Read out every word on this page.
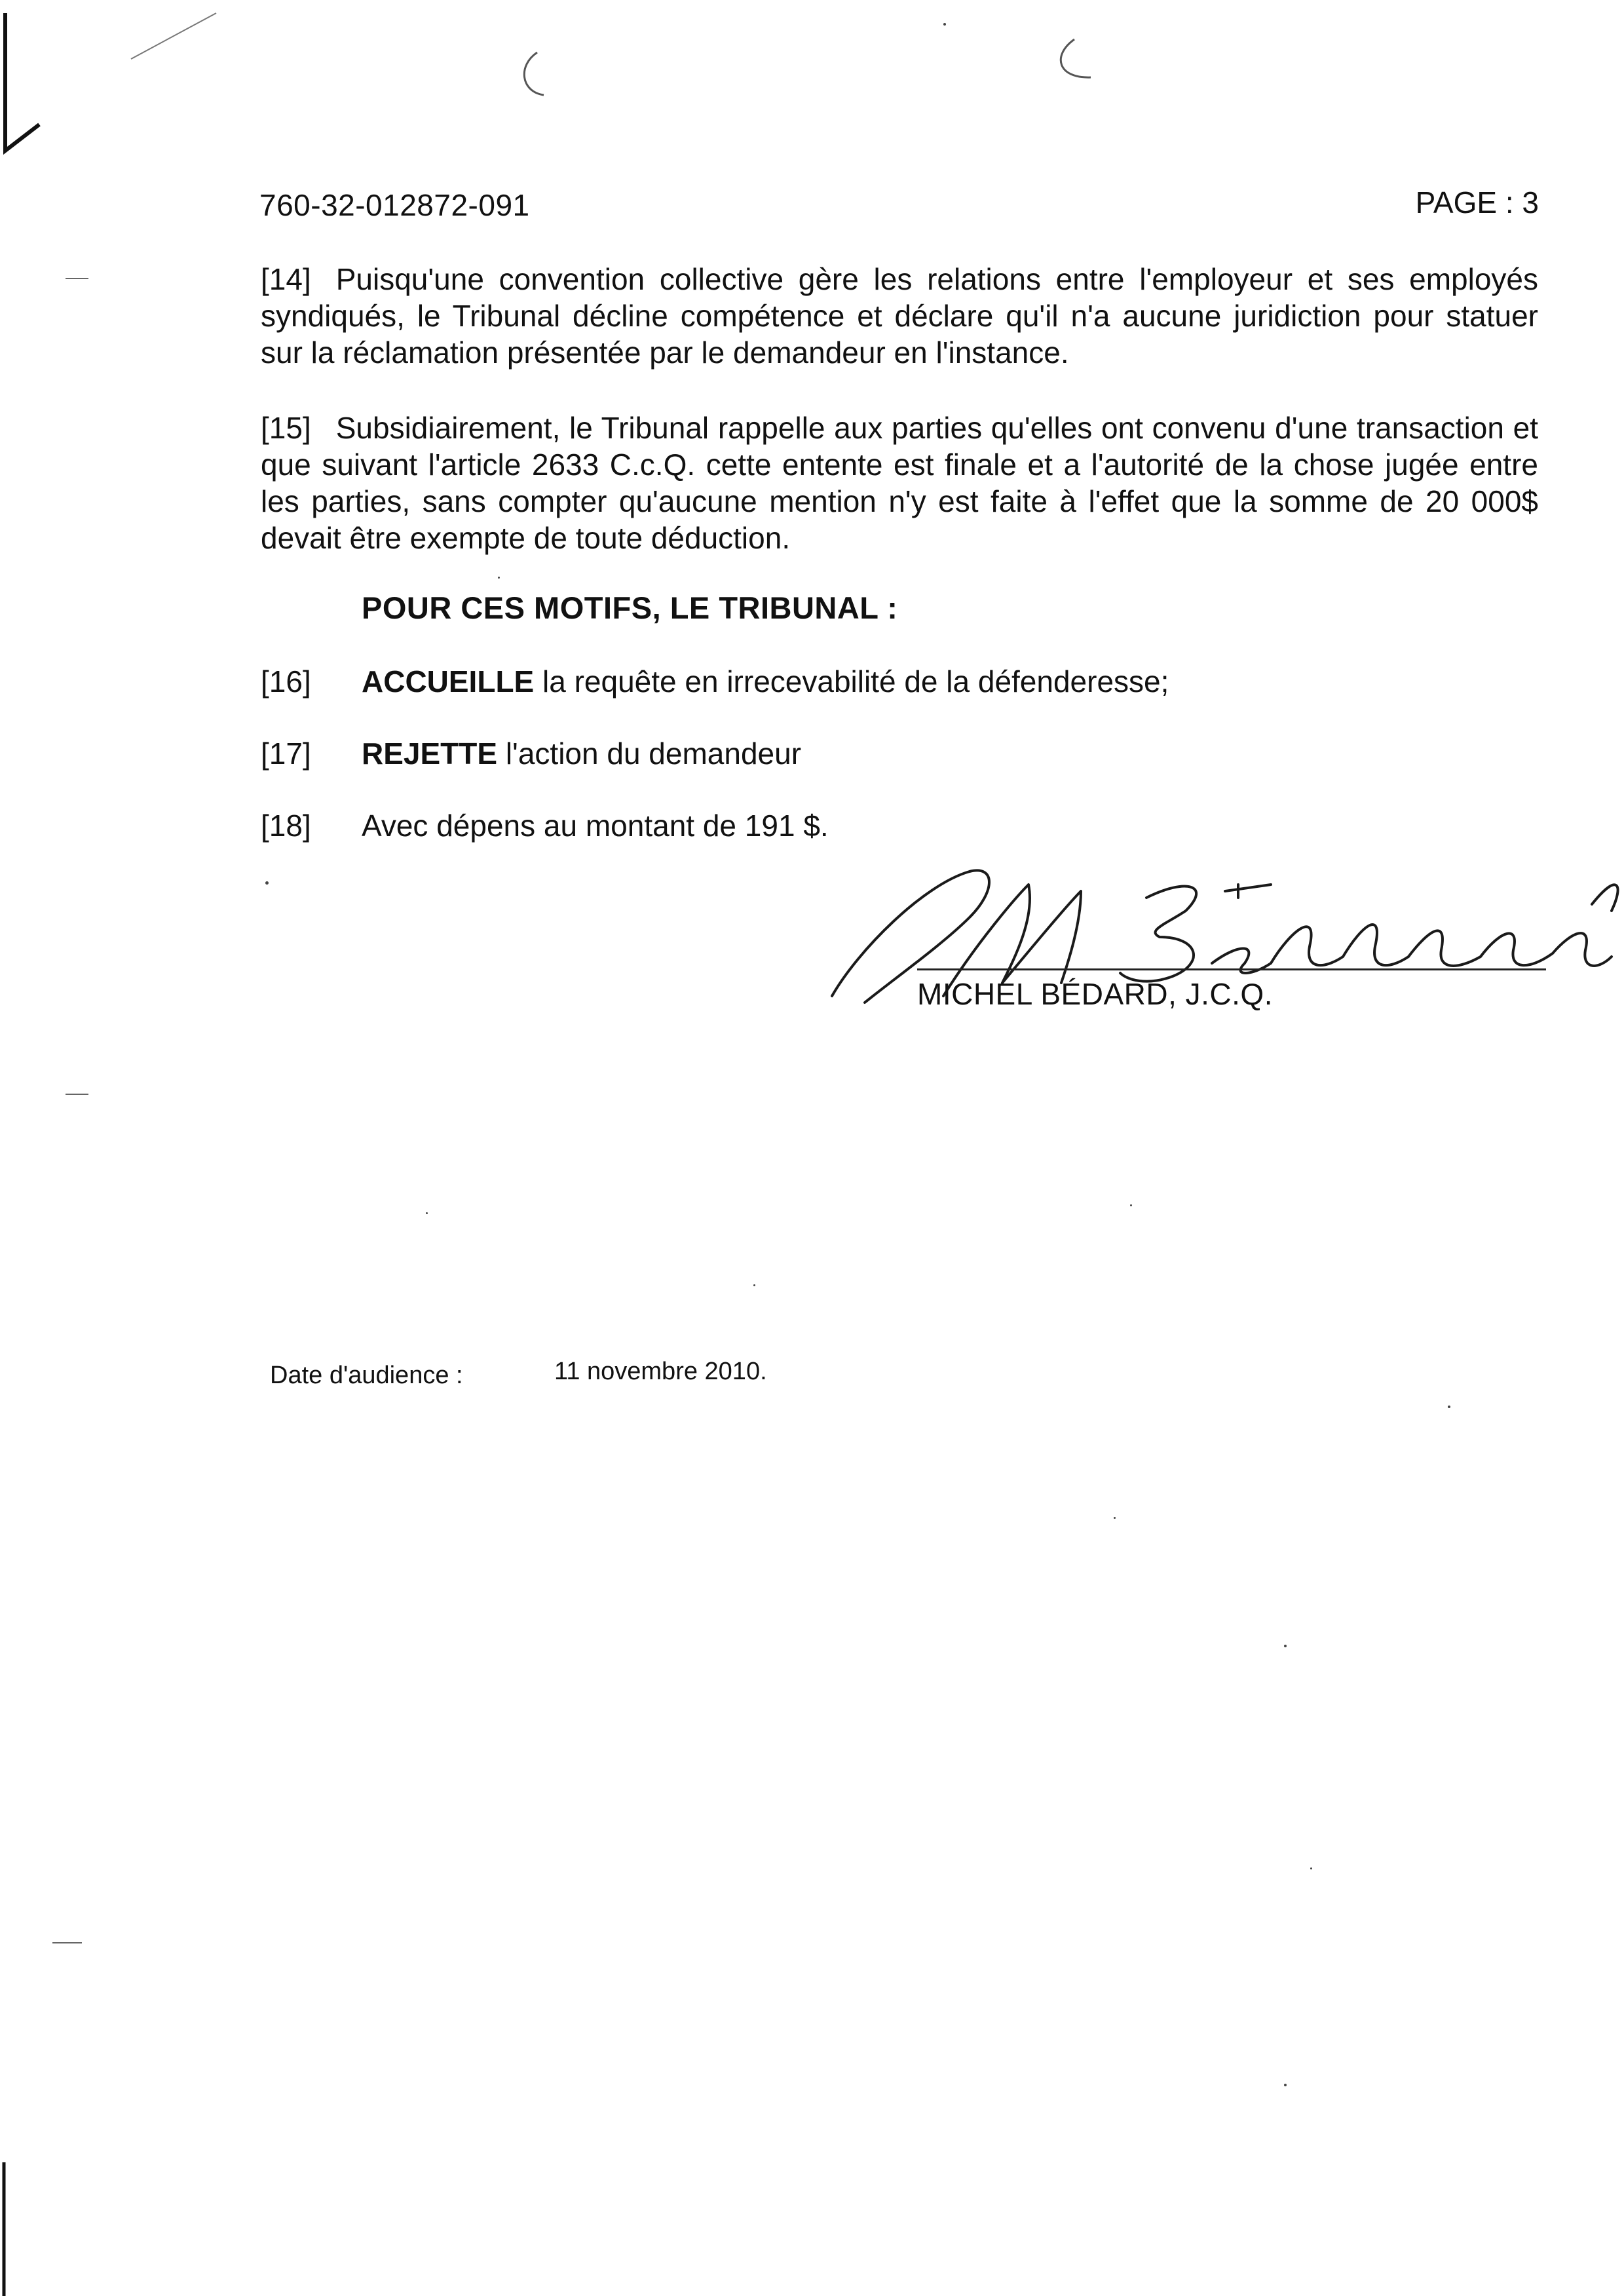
760-32-012872-091	PAGE : 3
[14] Puisqu'une convention collective gère les relations entre l'employeur et ses employés syndiqués, le Tribunal décline compétence et déclare qu'il n'a aucune juridiction pour statuer sur la réclamation présentée par le demandeur en l'instance.
[15] Subsidiairement, le Tribunal rappelle aux parties qu'elles ont convenu d'une transaction et que suivant l'article 2633 C.c.Q. cette entente est finale et a l'autorité de la chose jugée entre les parties, sans compter qu'aucune mention n'y est faite à l'effet que la somme de 20 000$ devait être exempte de toute déduction.
POUR CES MOTIFS, LE TRIBUNAL :
[16] ACCUEILLE la requête en irrecevabilité de la défenderesse;
[17] REJETTE l'action du demandeur
[18] Avec dépens au montant de 191 $.
MICHEL BÉDARD, J.C.Q.
Date d'audience :	11 novembre 2010.
